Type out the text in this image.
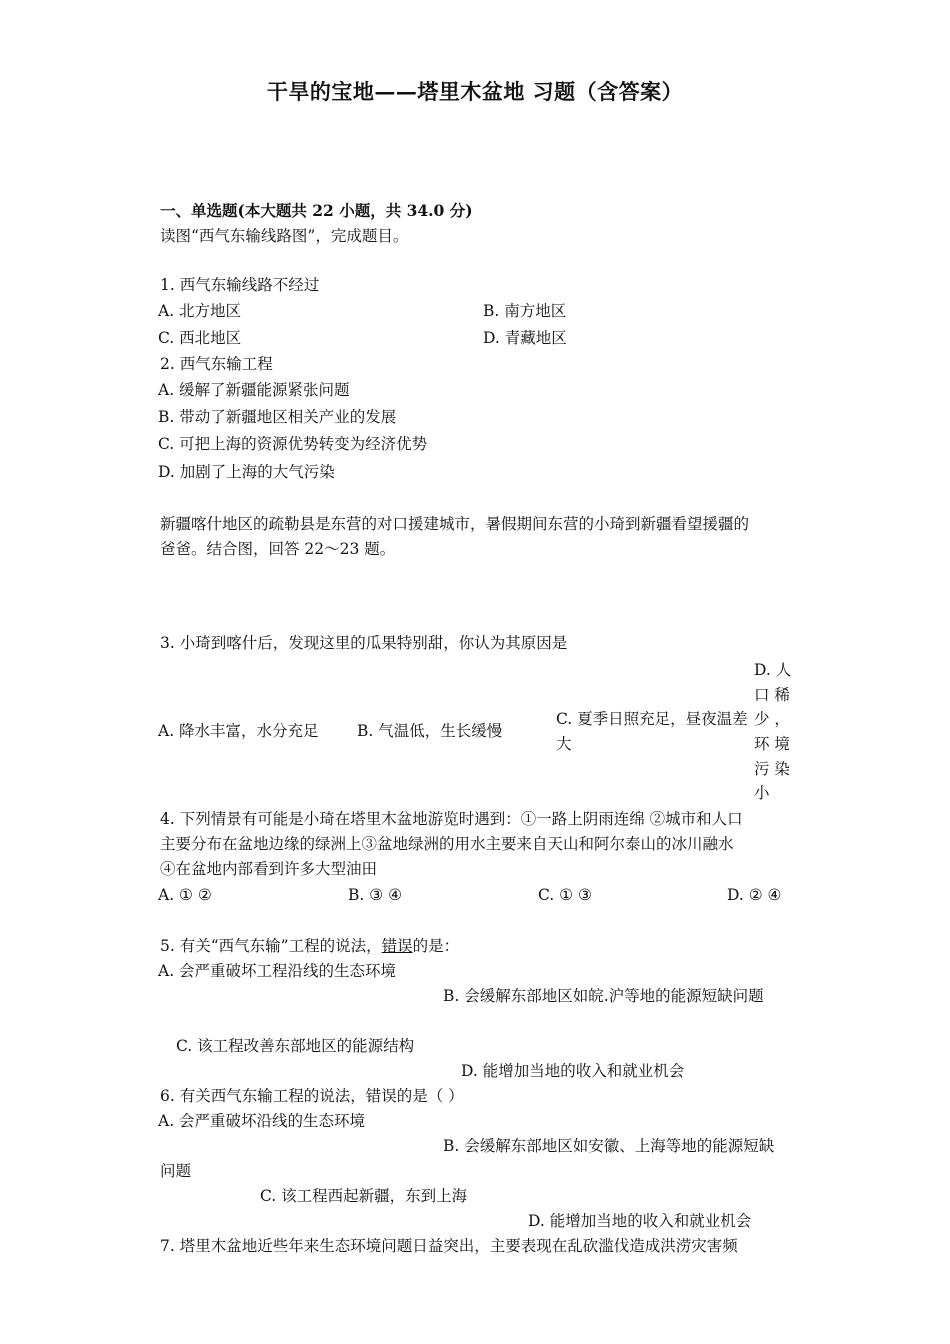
干旱的宝地——塔里木盆地 习题（含答案）
一、单选题(本大题共 22 小题，共 34.0 分)
读图“西气东输线路图”，完成题目。
1. 西气东输线路不经过
A. 北方地区	B. 南方地区
C. 西北地区	D. 青藏地区
2. 西气东输工程
A. 缓解了新疆能源紧张问题
B. 带动了新疆地区相关产业的发展
C. 可把上海的资源优势转变为经济优势
D. 加剧了上海的大气污染
新疆喀什地区的疏勒县是东营的对口援建城市，暑假期间东营的小琦到新疆看望援疆的
爸爸。结合图，回答 22～23 题。
3. 小琦到喀什后，发现这里的瓜果特别甜，你认为其原因是
A. 降水丰富，水分充足 B. 气温低，生长缓慢
C. 夏季日照充足，昼夜温差
大
D. 人
口 稀
少 ，
环 境
污 染
小
4. 下列情景有可能是小琦在塔里木盆地游览时遇到：①一路上阴雨连绵 ②城市和人口
主要分布在盆地边缘的绿洲上③盆地绿洲的用水主要来自天山和阿尔泰山的冰川融水
④在盆地内部看到许多大型油田
A. ① ②	B. ③ ④	C. ① ③	D. ② ④
5. 有关“西气东输”工程的说法，错误的是：
A. 会严重破坏工程沿线的生态环境
B. 会缓解东部地区如皖.沪等地的能源短缺问题
C. 该工程改善东部地区的能源结构
D. 能增加当地的收入和就业机会
6. 有关西气东输工程的说法，错误的是（ ）
A. 会严重破坏沿线的生态环境
B. 会缓解东部地区如安徽、上海等地的能源短缺
问题
C. 该工程西起新疆，东到上海
D. 能增加当地的收入和就业机会
7. 塔里木盆地近些年来生态环境问题日益突出，主要表现在乱砍滥伐造成洪涝灾害频
